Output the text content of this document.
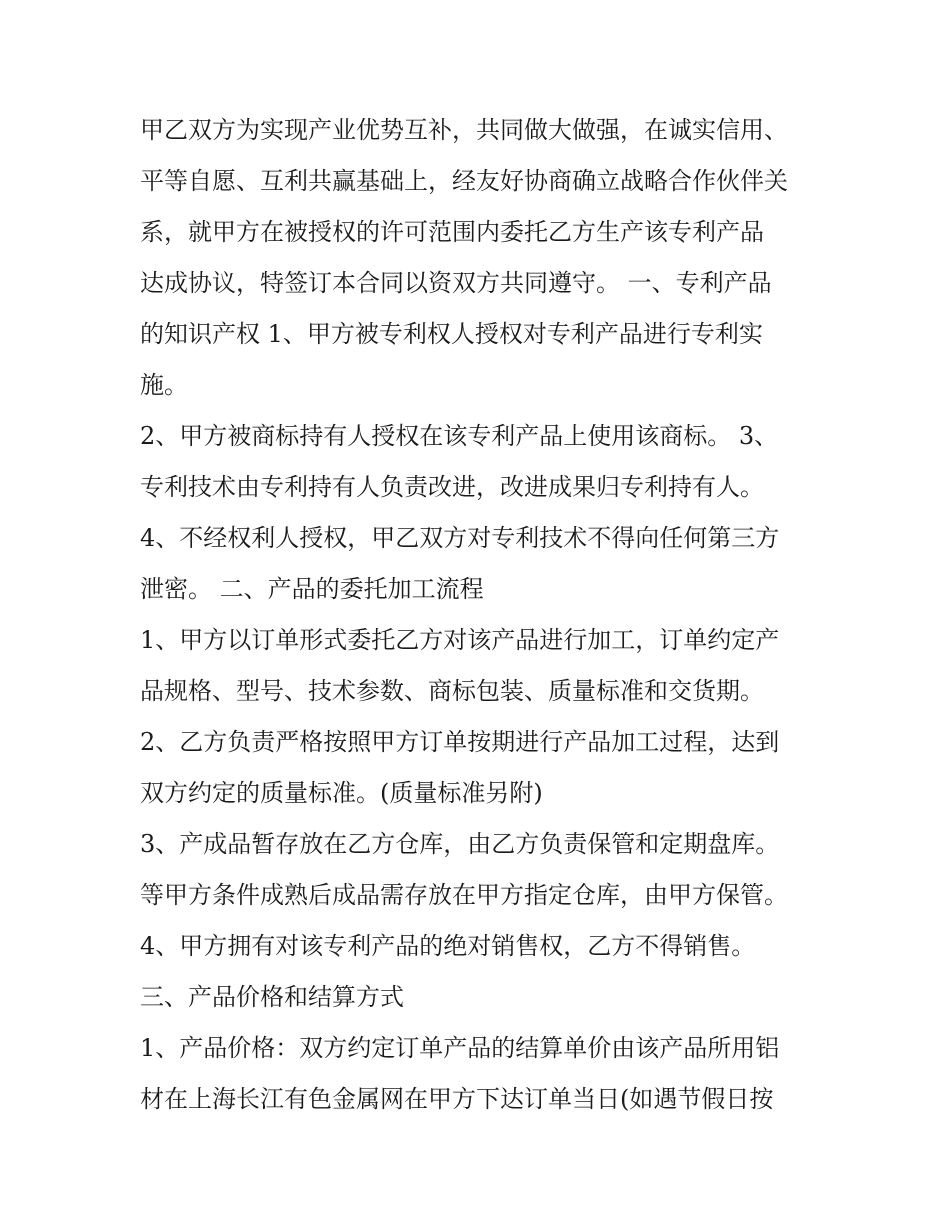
甲乙双方为实现产业优势互补，共同做大做强，在诚实信用、
平等自愿、互利共赢基础上，经友好协商确立战略合作伙伴关
系，就甲方在被授权的许可范围内委托乙方生产该专利产品
达成协议，特签订本合同以资双方共同遵守。 一、专利产品
的知识产权 1、甲方被专利权人授权对专利产品进行专利实
施。
2、甲方被商标持有人授权在该专利产品上使用该商标。 3、
专利技术由专利持有人负责改进，改进成果归专利持有人。
4、不经权利人授权，甲乙双方对专利技术不得向任何第三方
泄密。 二、产品的委托加工流程
1、甲方以订单形式委托乙方对该产品进行加工，订单约定产
品规格、型号、技术参数、商标包装、质量标准和交货期。
2、乙方负责严格按照甲方订单按期进行产品加工过程，达到
双方约定的质量标准。(质量标准另附)
3、产成品暂存放在乙方仓库，由乙方负责保管和定期盘库。
等甲方条件成熟后成品需存放在甲方指定仓库，由甲方保管。
4、甲方拥有对该专利产品的绝对销售权，乙方不得销售。
三、产品价格和结算方式
1、产品价格：双方约定订单产品的结算单价由该产品所用铝
材在上海长江有色金属网在甲方下达订单当日(如遇节假日按
